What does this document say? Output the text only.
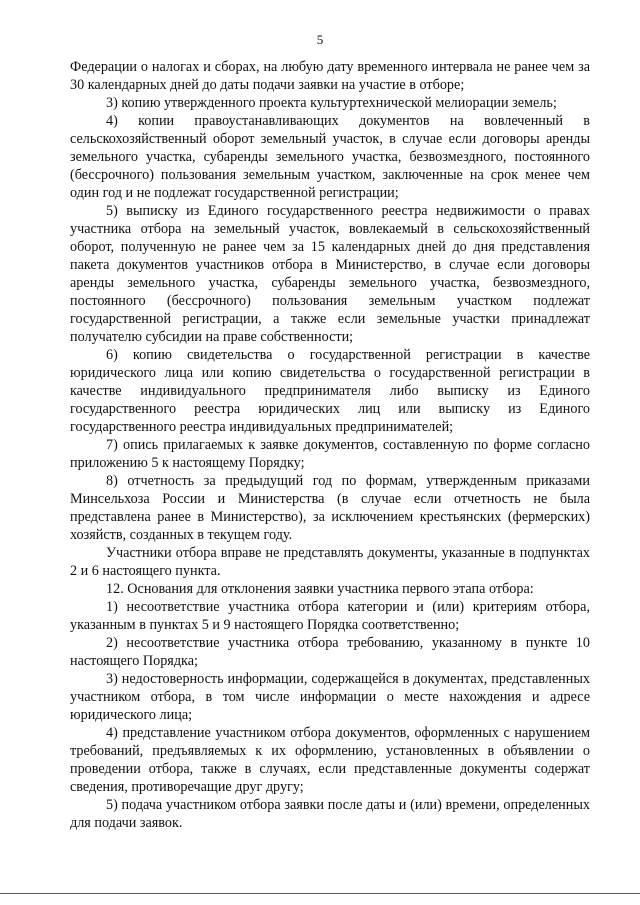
5

Федерации о налогах и сборах, на любую дату временного интервала не ранее чем за 30 календарных дней до даты подачи заявки на участие в отборе;

3) копию утвержденного проекта культуртехнической мелиорации земель;

4) копии правоустанавливающих документов на вовлеченный в сельскохозяйственный оборот земельный участок, в случае если договоры аренды земельного участка, субаренды земельного участка, безвозмездного, постоянного (бессрочного) пользования земельным участком, заключенные на срок менее чем один год и не подлежат государственной регистрации;

5) выписку из Единого государственного реестра недвижимости о правах участника отбора на земельный участок, вовлекаемый в сельскохозяйственный оборот, полученную не ранее чем за 15 календарных дней до дня представления пакета документов участников отбора в Министерство, в случае если договоры аренды земельного участка, субаренды земельного участка, безвозмездного, постоянного (бессрочного) пользования земельным участком подлежат государственной регистрации, а также если земельные участки принадлежат получателю субсидии на праве собственности;

6) копию свидетельства о государственной регистрации в качестве юридического лица или копию свидетельства о государственной регистрации в качестве индивидуального предпринимателя либо выписку из Единого государственного реестра юридических лиц или выписку из Единого государственного реестра индивидуальных предпринимателей;

7) опись прилагаемых к заявке документов, составленную по форме согласно приложению 5 к настоящему Порядку;

8) отчетность за предыдущий год по формам, утвержденным приказами Минсельхоза России и Министерства (в случае если отчетность не была представлена ранее в Министерство), за исключением крестьянских (фермерских) хозяйств, созданных в текущем году.

Участники отбора вправе не представлять документы, указанные в подпунктах 2 и 6 настоящего пункта.

12. Основания для отклонения заявки участника первого этапа отбора:

1) несоответствие участника отбора категории и (или) критериям отбора, указанным в пунктах 5 и 9 настоящего Порядка соответственно;

2) несоответствие участника отбора требованию, указанному в пункте 10 настоящего Порядка;

3) недостоверность информации, содержащейся в документах, представленных участником отбора, в том числе информации о месте нахождения и адресе юридического лица;

4) представление участником отбора документов, оформленных с нарушением требований, предъявляемых к их оформлению, установленных в объявлении о проведении отбора, также в случаях, если представленные документы содержат сведения, противоречащие друг другу;

5) подача участником отбора заявки после даты и (или) времени, определенных для подачи заявок.
